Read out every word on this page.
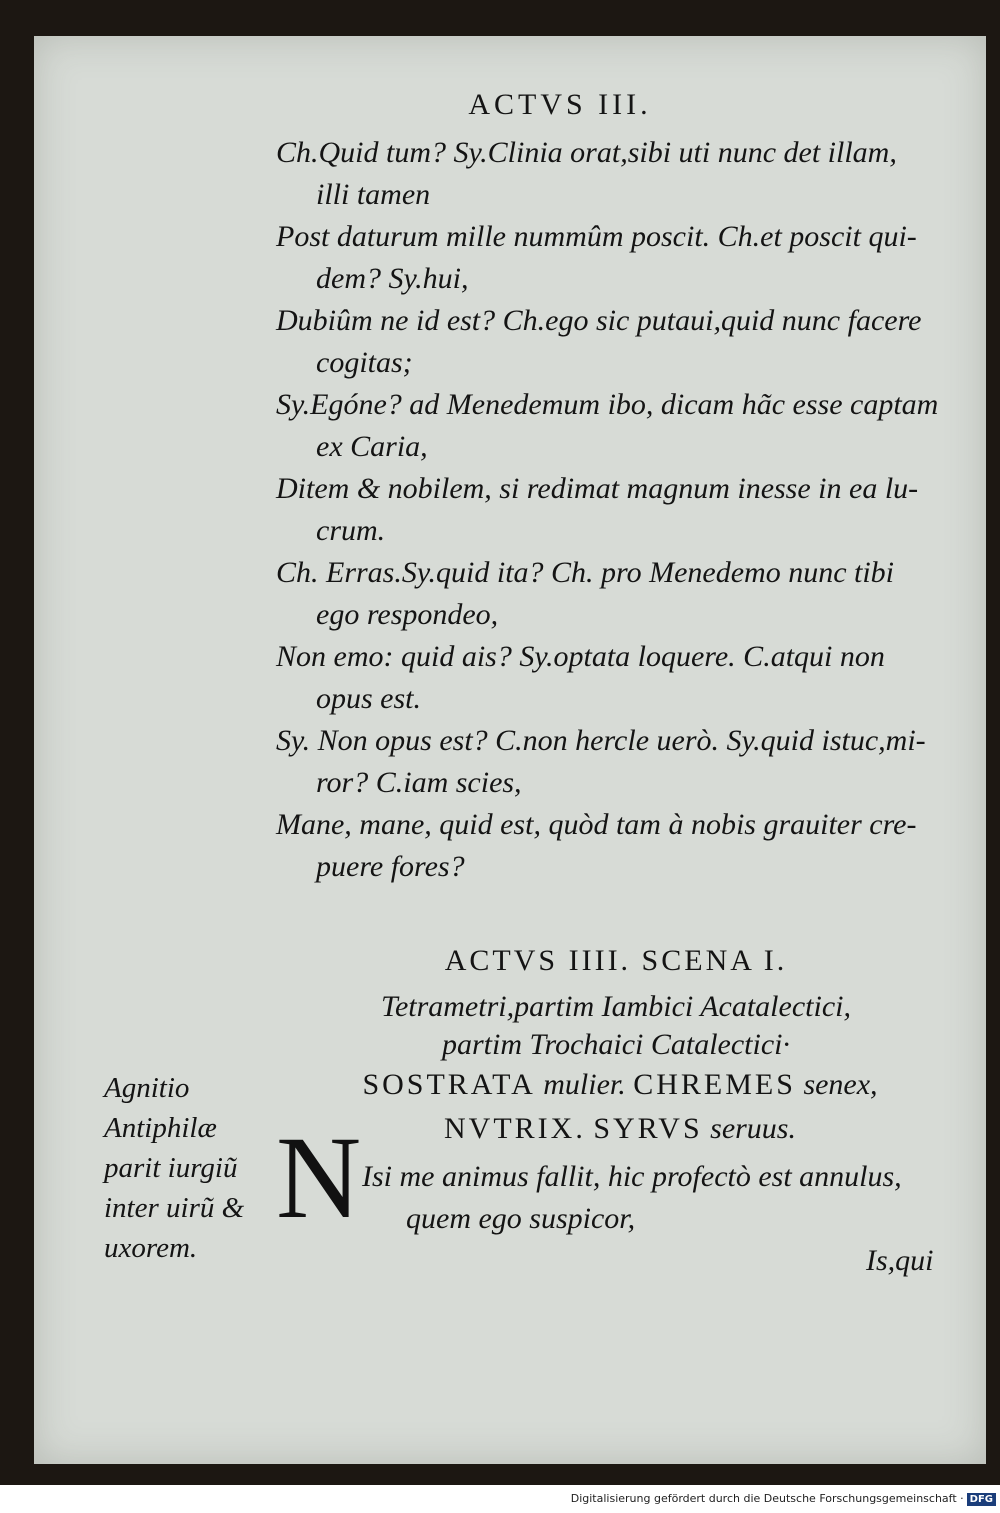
ACTVS III.
Ch.Quid tum? Sy.Clinia orat,sibi uti nunc det illam,
illi tamen
Post daturum mille nummûm poscit. Ch.et poscit qui-
dem? Sy.hui,
Dubiûm ne id est? Ch.ego sic putaui,quid nunc facere
cogitas;
Sy.Egóne? ad Menedemum ibo, dicam hãc esse captam
ex Caria,
Ditem & nobilem, si redimat magnum inesse in ea lu-
crum.
Ch. Erras.Sy.quid ita? Ch. pro Menedemo nunc tibi
ego respondeo,
Non emo: quid ais? Sy.optata loquere. C.atqui non
opus est.
Sy. Non opus est? C.non hercle uerò. Sy.quid istuc,mi-
ror? C.iam scies,
Mane, mane, quid est, quòd tam à nobis grauiter cre-
puere fores?
ACTVS IIII. SCENA I.
Tetrametri,partim Iambici Acatalectici,
partim Trochaici Catalectici·
SOSTRATA mulier. CHREMES senex,
NVTRIX. SYRVS seruus.
N Isi me animus fallit, hic profectò est annulus,
quem ego suspicor,
Agnitio Antiphilæ parit iurgiũ inter uirũ & uxorem.	Is,qui
Digitalisierung gefördert durch die Deutsche Forschungsgemeinschaft · DFG
